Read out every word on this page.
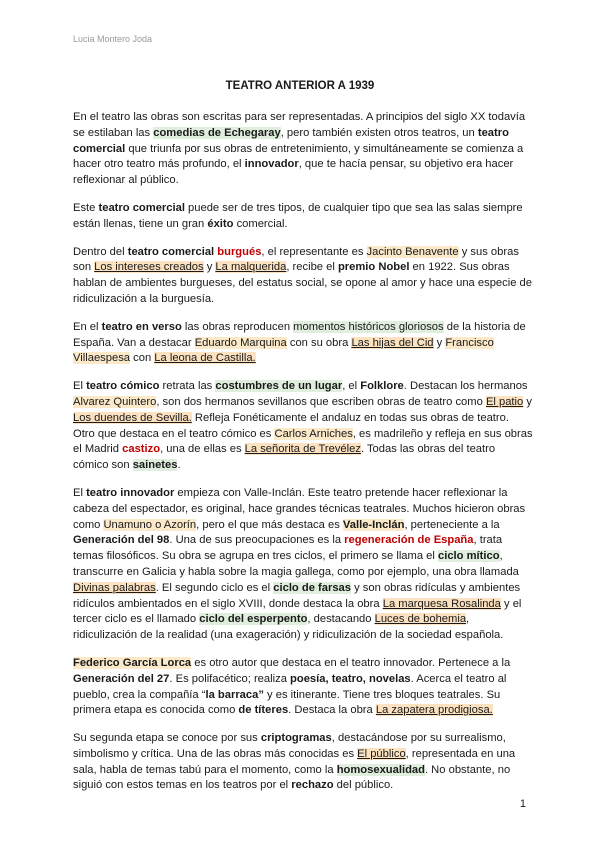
Lucia Montero Joda
TEATRO ANTERIOR A 1939

En el teatro las obras son escritas para ser representadas. A principios del siglo XX todavía se estilaban las comedias de Echegaray, pero también existen otros teatros, un teatro comercial que triunfa por sus obras de entretenimiento, y simultáneamente se comienza a hacer otro teatro más profundo, el innovador, que te hacía pensar, su objetivo era hacer reflexionar al público.

Este teatro comercial puede ser de tres tipos, de cualquier tipo que sea las salas siempre están llenas, tiene un gran éxito comercial.

Dentro del teatro comercial burgués, el representante es Jacinto Benavente y sus obras son Los intereses creados y La malquerida, recibe el premio Nobel en 1922. Sus obras hablan de ambientes burgueses, del estatus social, se opone al amor y hace una especie de ridiculización a la burguesía.

En el teatro en verso las obras reproducen momentos históricos gloriosos de la historia de España. Van a destacar Eduardo Marquina con su obra Las hijas del Cid y Francisco Villaespesa con La leona de Castilla.

El teatro cómico retrata las costumbres de un lugar, el Folklore. Destacan los hermanos Alvarez Quintero, son dos hermanos sevillanos que escriben obras de teatro como El patio y Los duendes de Sevilla. Refleja Fonéticamente el andaluz en todas sus obras de teatro. Otro que destaca en el teatro cómico es Carlos Arniches, es madrileño y refleja en sus obras el Madrid castizo, una de ellas es La señorita de Trevélez. Todas las obras del teatro cómico son sainetes.

El teatro innovador empieza con Valle-Inclán. Este teatro pretende hacer reflexionar la cabeza del espectador, es original, hace grandes técnicas teatrales. Muchos hicieron obras como Unamuno o Azorín, pero el que más destaca es Valle-Inclán, perteneciente a la Generación del 98. Una de sus preocupaciones es la regeneración de España, trata temas filosóficos. Su obra se agrupa en tres ciclos, el primero se llama el ciclo mítico, transcurre en Galicia y habla sobre la magia gallega, como por ejemplo, una obra llamada Divinas palabras. El segundo ciclo es el ciclo de farsas y son obras ridículas y ambientes ridículos ambientados en el siglo XVIII, donde destaca la obra La marquesa Rosalinda y el tercer ciclo es el llamado ciclo del esperpento, destacando Luces de bohemia, ridiculización de la realidad (una exageración) y ridiculización de la sociedad española.

Federico García Lorca es otro autor que destaca en el teatro innovador. Pertenece a la Generación del 27. Es polifacético; realiza poesía, teatro, novelas. Acerca el teatro al pueblo, crea la compañía “la barraca” y es itinerante. Tiene tres bloques teatrales. Su primera etapa es conocida como de títeres. Destaca la obra La zapatera prodigiosa.

Su segunda etapa se conoce por sus criptogramas, destacándose por su surrealismo, simbolismo y crítica. Una de las obras más conocidas es El público, representada en una sala, habla de temas tabú para el momento, como la homosexualidad. No obstante, no siguió con estos temas en los teatros por el rechazo del público.

1
